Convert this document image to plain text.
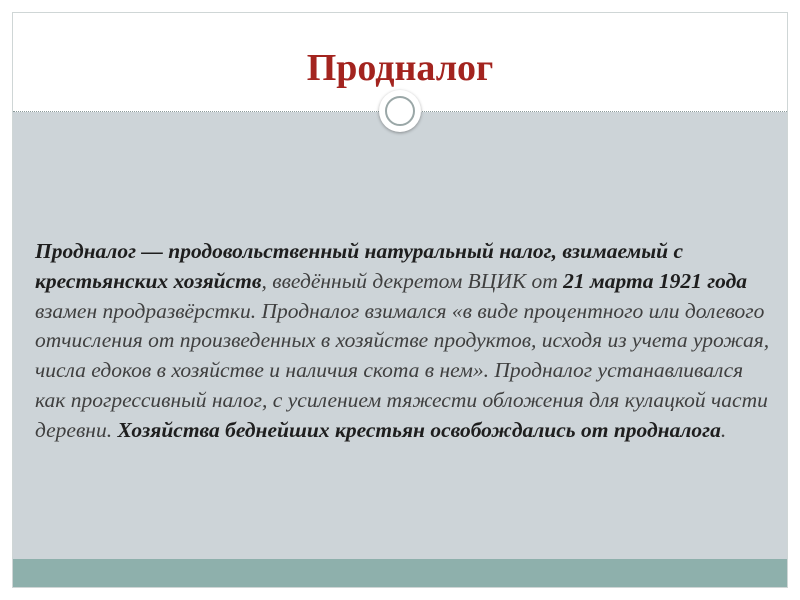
Продналог

Продналог — продовольственный натуральный налог, взимаемый с крестьянских хозяйств, введённый декретом ВЦИК от 21 марта 1921 года взамен продразвёрстки. Продналог взимался «в виде процентного или долевого отчисления от произведенных в хозяйстве продуктов, исходя из учета урожая, числа едоков в хозяйстве и наличия скота в нем». Продналог устанавливался как прогрессивный налог, с усилением тяжести обложения для кулацкой части деревни. Хозяйства беднейших крестьян освобождались от продналога.
